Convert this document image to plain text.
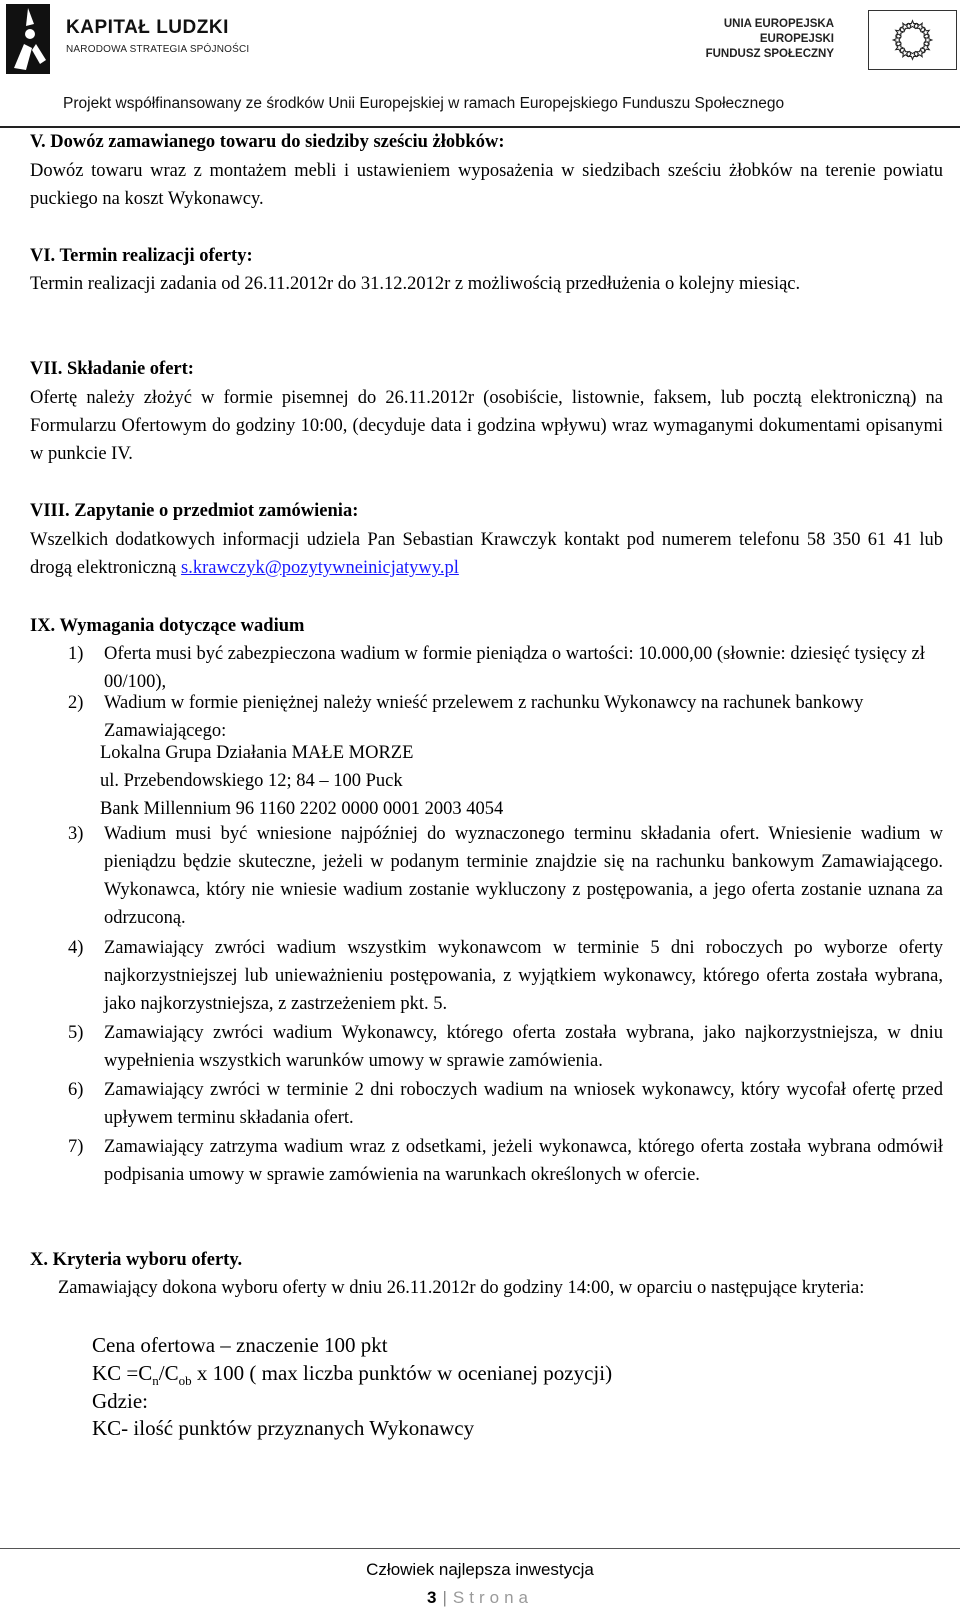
KAPITAŁ LUDZKI
NARODOWA STRATEGIA SPÓJNOŚCI
UNIA EUROPEJSKA
EUROPEJSKI
FUNDUSZ SPOŁECZNY
Projekt współfinansowany ze środków Unii Europejskiej w ramach Europejskiego Funduszu Społecznego
V. Dowóz zamawianego towaru do siedziby sześciu żłobków:
Dowóz towaru wraz z montażem mebli i ustawieniem wyposażenia w siedzibach sześciu żłobków na terenie powiatu puckiego na koszt Wykonawcy.
VI. Termin realizacji oferty:
Termin realizacji zadania od 26.11.2012r do 31.12.2012r z możliwością przedłużenia o kolejny miesiąc.
VII. Składanie ofert:
Ofertę należy złożyć w formie pisemnej do 26.11.2012r (osobiście, listownie, faksem, lub pocztą elektroniczną) na Formularzu Ofertowym do godziny 10:00, (decyduje data i godzina wpływu) wraz wymaganymi dokumentami opisanymi w punkcie IV.
VIII. Zapytanie o przedmiot zamówienia:
Wszelkich dodatkowych informacji udziela Pan Sebastian Krawczyk kontakt pod numerem telefonu 58 350 61 41 lub drogą elektroniczną s.krawczyk@pozytywneinicjatywy.pl
IX. Wymagania dotyczące wadium
1) Oferta musi być zabezpieczona wadium w formie pieniądza o wartości: 10.000,00 (słownie: dziesięć tysięcy zł 00/100),
2) Wadium w formie pieniężnej należy wnieść przelewem z rachunku Wykonawcy na rachunek bankowy Zamawiającego:
Lokalna Grupa Działania MAŁE MORZE
ul. Przebendowskiego 12; 84 – 100 Puck
Bank Millennium 96 1160 2202 0000 0001 2003 4054
3) Wadium musi być wniesione najpóźniej do wyznaczonego terminu składania ofert. Wniesienie wadium w pieniądzu będzie skuteczne, jeżeli w podanym terminie znajdzie się na rachunku bankowym Zamawiającego. Wykonawca, który nie wniesie wadium zostanie wykluczony z postępowania, a jego oferta zostanie uznana za odrzuconą.
4) Zamawiający zwróci wadium wszystkim wykonawcom w terminie 5 dni roboczych po wyborze oferty najkorzystniejszej lub unieważnieniu postępowania, z wyjątkiem wykonawcy, którego oferta została wybrana, jako najkorzystniejsza, z zastrzeżeniem pkt. 5.
5) Zamawiający zwróci wadium Wykonawcy, którego oferta została wybrana, jako najkorzystniejsza, w dniu wypełnienia wszystkich warunków umowy w sprawie zamówienia.
6) Zamawiający zwróci w terminie 2 dni roboczych wadium na wniosek wykonawcy, który wycofał ofertę przed upływem terminu składania ofert.
7) Zamawiający zatrzyma wadium wraz z odsetkami, jeżeli wykonawca, którego oferta została wybrana odmówił podpisania umowy w sprawie zamówienia na warunkach określonych w ofercie.
X. Kryteria wyboru oferty.
Zamawiający dokona wyboru oferty w dniu 26.11.2012r do godziny 14:00, w oparciu o następujące kryteria:
Cena ofertowa – znaczenie 100 pkt
KC $=C_n/C_{ob}$ x 100 ( max liczba punktów w ocenianej pozycji)
Gdzie:
KC- ilość punktów przyznanych Wykonawcy
Człowiek najlepsza inwestycja
3 | Strona
